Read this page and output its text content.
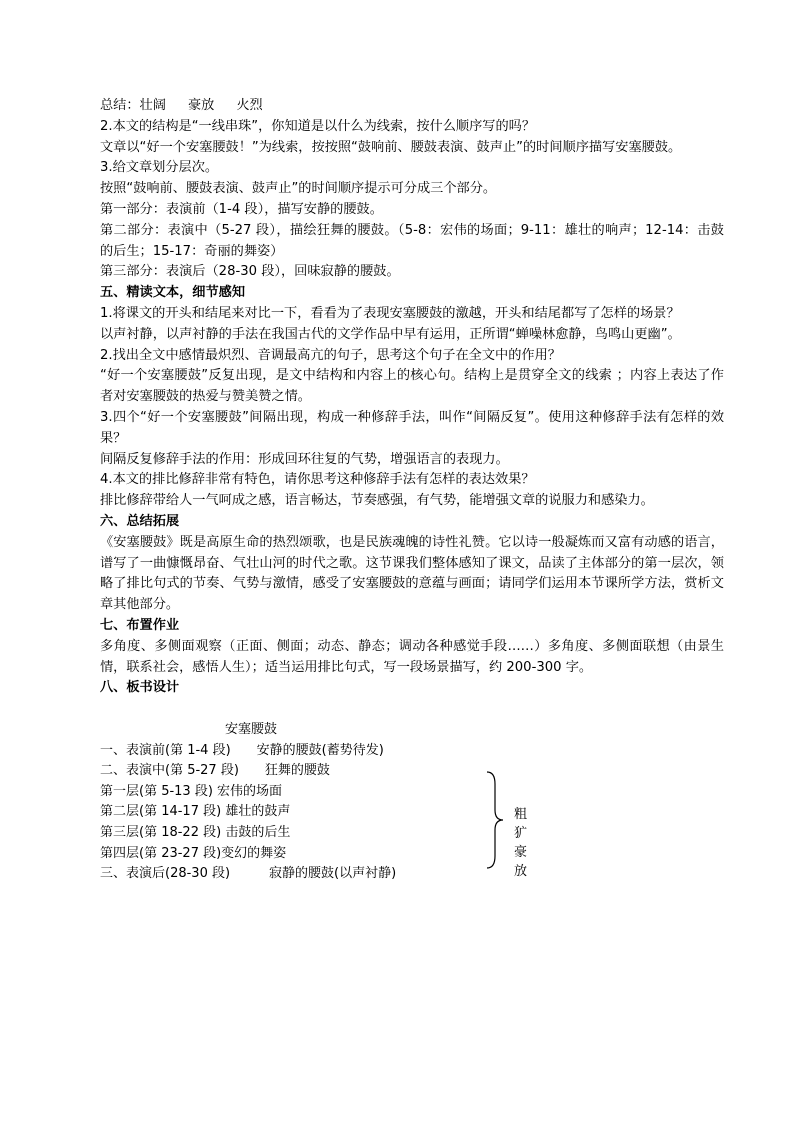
总结：壮阔 豪放 火烈

2.本文的结构是“一线串珠”，你知道是以什么为线索，按什么顺序写的吗？

文章以“好一个安塞腰鼓！”为线索，按按照“鼓响前、腰鼓表演、鼓声止”的时间顺序描写安塞腰鼓。

3.给文章划分层次。

按照“鼓响前、腰鼓表演、鼓声止”的时间顺序提示可分成三个部分。

第一部分：表演前（1-4 段），描写安静的腰鼓。

第二部分：表演中（5-27 段），描绘狂舞的腰鼓。（5-8：宏伟的场面；9-11：雄壮的响声；12-14：击鼓的后生；15-17：奇丽的舞姿）

第三部分：表演后（28-30 段），回味寂静的腰鼓。

五、精读文本，细节感知

1.将课文的开头和结尾来对比一下，看看为了表现安塞腰鼓的激越，开头和结尾都写了怎样的场景？

以声衬静，以声衬静的手法在我国古代的文学作品中早有运用，正所谓“蝉噪林愈静，鸟鸣山更幽”。

2.找出全文中感情最炽烈、音调最高亢的句子，思考这个句子在全文中的作用？

“好一个安塞腰鼓”反复出现，是文中结构和内容上的核心句。结构上是贯穿全文的线索 ；内容上表达了作者对安塞腰鼓的热爱与赞美赞之情。

3.四个“好一个安塞腰鼓”间隔出现，构成一种修辞手法，叫作“间隔反复”。使用这种修辞手法有怎样的效果？

间隔反复修辞手法的作用：形成回环往复的气势，增强语言的表现力。

4.本文的排比修辞非常有特色，请你思考这种修辞手法有怎样的表达效果？

排比修辞带给人一气呵成之感，语言畅达，节奏感强，有气势，能增强文章的说服力和感染力。

六、总结拓展

《安塞腰鼓》既是高原生命的热烈颂歌，也是民族魂魄的诗性礼赞。它以诗一般凝炼而又富有动感的语言，谱写了一曲慷慨昂奋、气壮山河的时代之歌。这节课我们整体感知了课文，品读了主体部分的第一层次，领略了排比句式的节奏、气势与激情，感受了安塞腰鼓的意蕴与画面；请同学们运用本节课所学方法，赏析文章其他部分。

七、布置作业

多角度、多侧面观察（正面、侧面；动态、静态；调动各种感觉手段……）多角度、多侧面联想（由景生情，联系社会，感悟人生）；适当运用排比句式，写一段场景描写，约 200-300 字。

八、板书设计

安塞腰鼓
一、表演前(第 1-4 段)　　安静的腰鼓(蓄势待发)
二、表演中(第 5-27 段)　　狂舞的腰鼓
第一层(第 5-13 段) 宏伟的场面
第二层(第 14-17 段) 雄壮的鼓声
第三层(第 18-22 段) 击鼓的后生
第四层(第 23-27 段)变幻的舞姿
三、表演后(28-30 段)　　　寂静的腰鼓(以声衬静)
粗犷豪放
